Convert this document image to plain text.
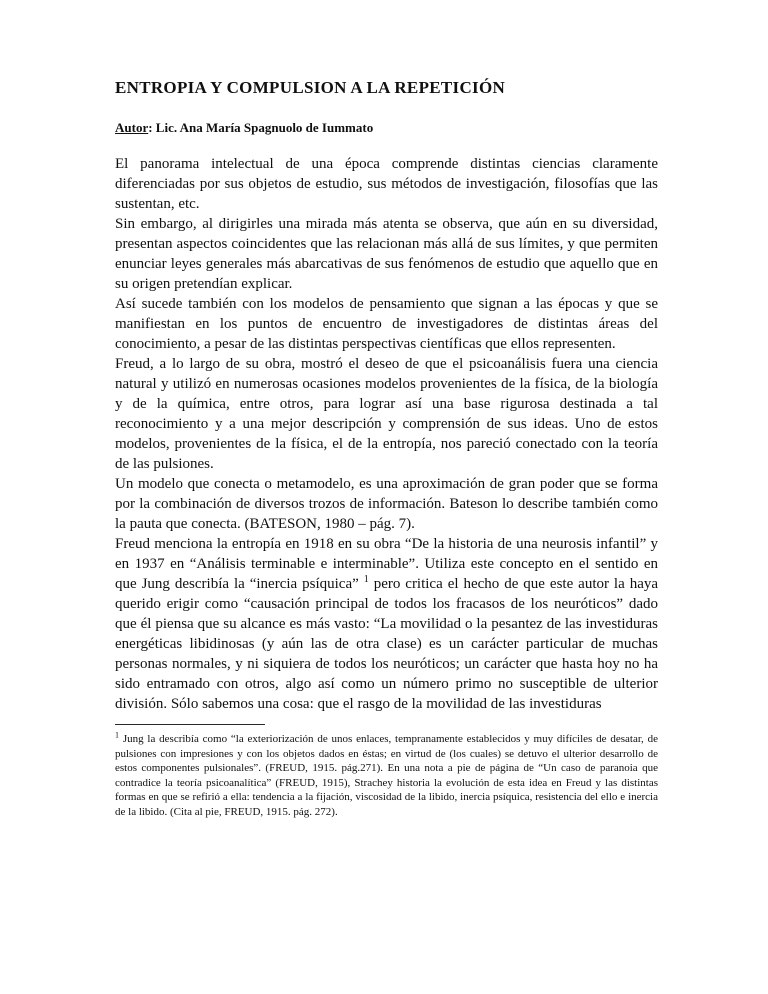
ENTROPIA Y COMPULSION A LA REPETICIÓN

Autor: Lic. Ana María Spagnuolo de Iummato

El panorama intelectual de una época comprende distintas ciencias claramente diferenciadas por sus objetos de estudio, sus métodos de investigación, filosofías que las sustentan, etc.

Sin embargo, al dirigirles una mirada más atenta se observa, que aún en su diversidad, presentan aspectos coincidentes que las relacionan más allá de sus límites, y que permiten enunciar leyes generales más abarcativas de sus fenómenos de estudio que aquello que en su origen pretendían explicar.

Así sucede también con los modelos de pensamiento que signan a las épocas y que se manifiestan en los puntos de encuentro de investigadores de distintas áreas del conocimiento, a pesar de las distintas perspectivas científicas que ellos representen.

Freud, a lo largo de su obra, mostró el deseo de que el psicoanálisis fuera una ciencia natural y utilizó en numerosas ocasiones modelos provenientes de la física, de la biología y de la química, entre otros, para lograr así una base rigurosa destinada a tal reconocimiento y a una mejor descripción y comprensión de sus ideas. Uno de estos modelos, provenientes de la física, el de la entropía, nos pareció conectado con la teoría de las pulsiones.

Un modelo que conecta o metamodelo, es una aproximación de gran poder que se forma por la combinación de diversos trozos de información. Bateson lo describe también como la pauta que conecta. (BATESON, 1980 – pág. 7).

Freud menciona la entropía en 1918 en su obra “De la historia de una neurosis infantil” y en 1937 en “Análisis terminable e interminable”. Utiliza este concepto en el sentido en que Jung describía la “inercia psíquica” $^1$ pero critica el hecho de que este autor la haya querido erigir como “causación principal de todos los fracasos de los neuróticos” dado que él piensa que su alcance es más vasto: “La movilidad o la pesantez de las investiduras energéticas libidinosas (y aún las de otra clase) es un carácter particular de muchas personas normales, y ni siquiera de todos los neuróticos; un carácter que hasta hoy no ha sido entramado con otros, algo así como un número primo no susceptible de ulterior división. Sólo sabemos una cosa: que el rasgo de la movilidad de las investiduras

$^1$ Jung la describía como “la exteriorización de unos enlaces, tempranamente establecidos y muy difíciles de desatar, de pulsiones con impresiones y con los objetos dados en éstas; en virtud de (los cuales) se detuvo el ulterior desarrollo de estos componentes pulsionales”. (FREUD, 1915. pág.271). En una nota a pie de página de “Un caso de paranoia que contradice la teoría psicoanalítica” (FREUD, 1915), Strachey historia la evolución de esta idea en Freud y las distintas formas en que se refirió a ella: tendencia a la fijación, viscosidad de la libido, inercia psíquica, resistencia del ello e inercia de la libido. (Cita al pie, FREUD, 1915. pág. 272).
